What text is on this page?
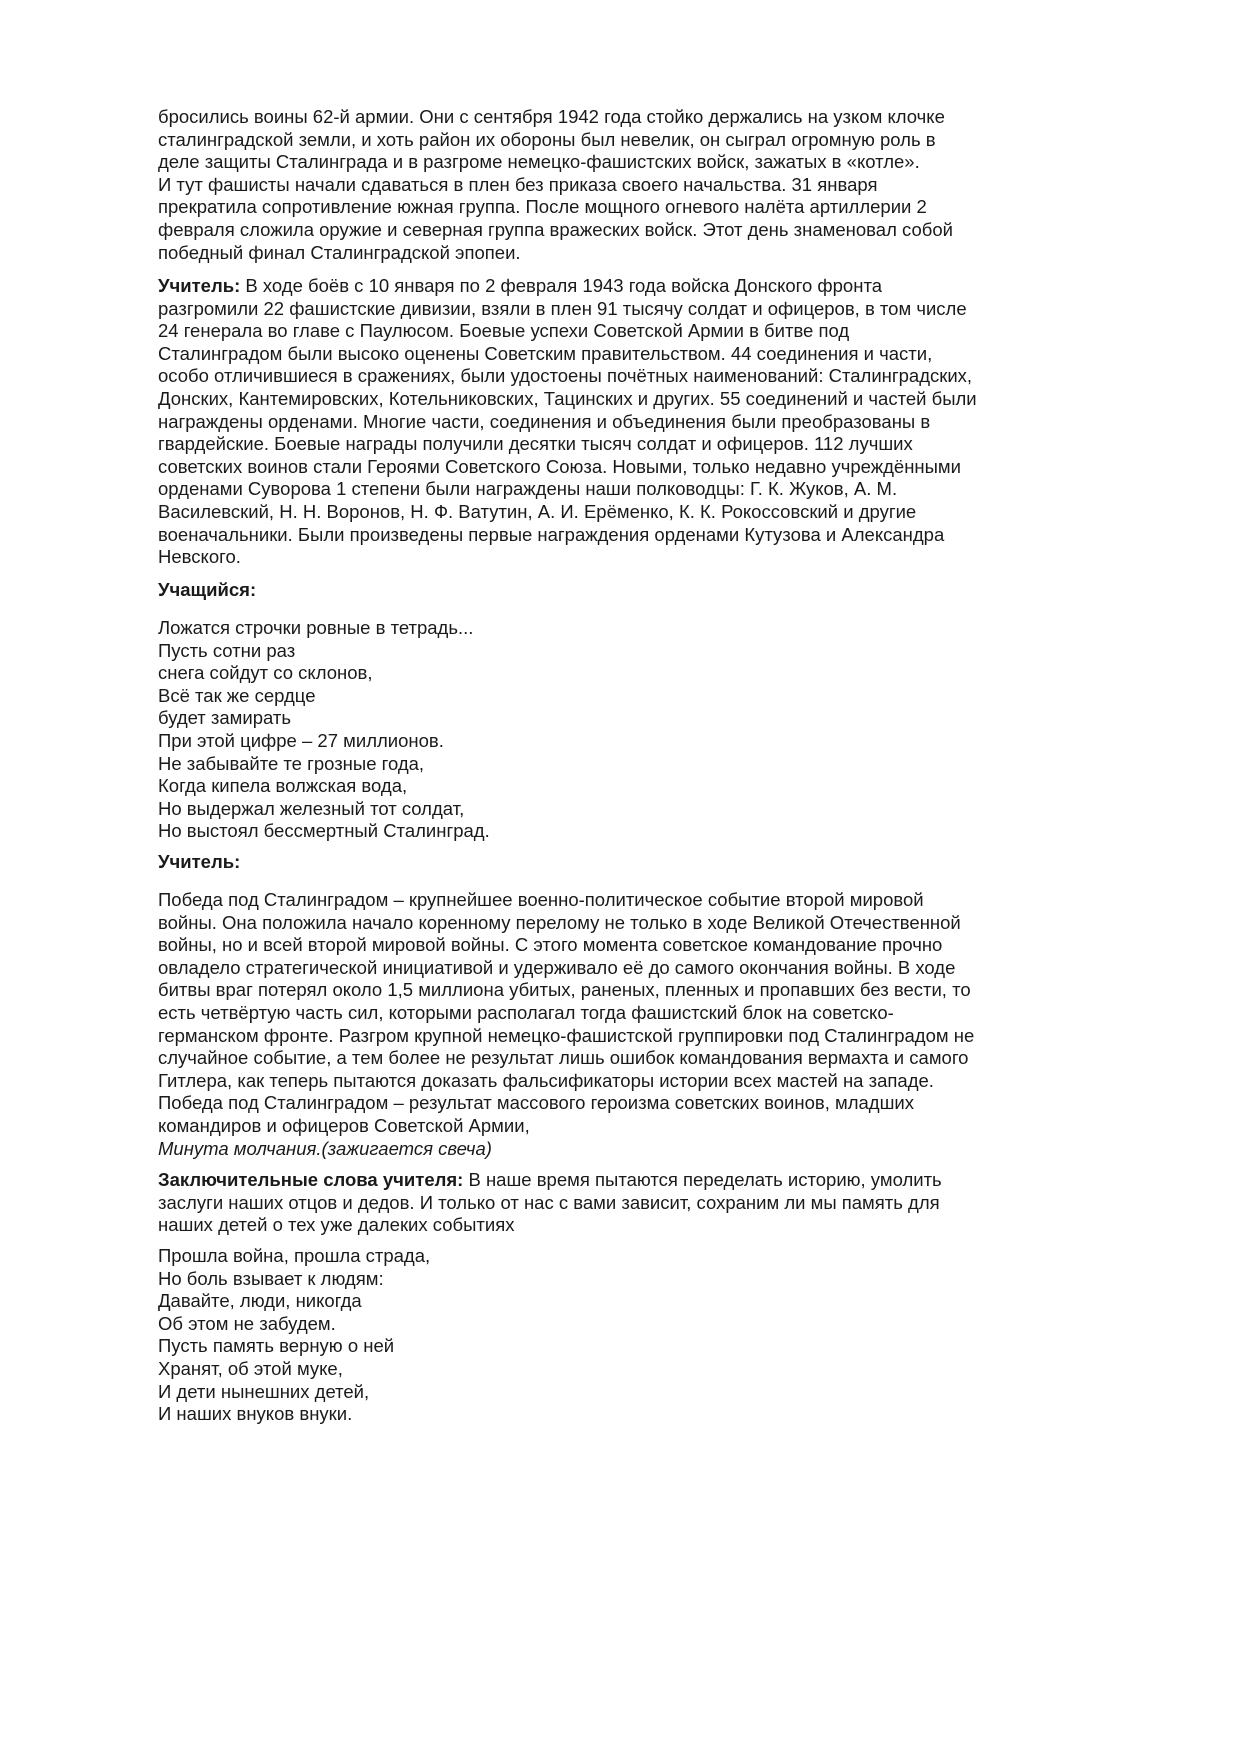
бросились воины 62-й армии. Они с сентября 1942 года стойко держались на узком клочке
сталинградской земли, и хоть район их обороны был невелик, он сыграл огромную роль в
деле защиты Сталинграда и в разгроме немецко-фашистских войск, зажатых в «котле».
И тут фашисты начали сдаваться в плен без приказа своего начальства. 31 января
прекратила сопротивление южная группа. После мощного огневого налёта артиллерии 2
февраля сложила оружие и северная группа вражеских войск. Этот день знаменовал собой
победный финал Сталинградской эпопеи.

Учитель: В ходе боёв с 10 января по 2 февраля 1943 года войска Донского фронта
разгромили 22 фашистские дивизии, взяли в плен 91 тысячу солдат и офицеров, в том числе
24 генерала во главе с Паулюсом. Боевые успехи Советской Армии в битве под
Сталинградом были высоко оценены Советским правительством. 44 соединения и части,
особо отличившиеся в сражениях, были удостоены почётных наименований: Сталинградских,
Донских, Кантемировских, Котельниковских, Тацинских и других. 55 соединений и частей были
награждены орденами. Многие части, соединения и объединения были преобразованы в
гвардейские. Боевые награды получили десятки тысяч солдат и офицеров. 112 лучших
советских воинов стали Героями Советского Союза. Новыми, только недавно учреждёнными
орденами Суворова 1 степени были награждены наши полководцы: Г. К. Жуков, А. М.
Василевский, Н. Н. Воронов, Н. Ф. Ватутин, А. И. Ерёменко, К. К. Рокоссовский и другие
военачальники. Были произведены первые награждения орденами Кутузова и Александра
Невского.

Учащийся:

Ложатся строчки ровные в тетрадь...
Пусть сотни раз
снега сойдут со склонов,
Всё так же сердце
будет замирать
При этой цифре – 27 миллионов.
Не забывайте те грозные года,
Когда кипела волжская вода,
Но выдержал железный тот солдат,
Но выстоял бессмертный Сталинград.

Учитель:

Победа под Сталинградом – крупнейшее военно-политическое событие второй мировой
войны. Она положила начало коренному перелому не только в ходе Великой Отечественной
войны, но и всей второй мировой войны. С этого момента советское командование прочно
овладело стратегической инициативой и удерживало её до самого окончания войны. В ходе
битвы враг потерял около 1,5 миллиона убитых, раненых, пленных и пропавших без вести, то
есть четвёртую часть сил, которыми располагал тогда фашистский блок на советско-
германском фронте. Разгром крупной немецко-фашистской группировки под Сталинградом не
случайное событие, а тем более не результат лишь ошибок командования вермахта и самого
Гитлера, как теперь пытаются доказать фальсификаторы истории всех мастей на западе.
Победа под Сталинградом – результат массового героизма советских воинов, младших
командиров и офицеров Советской Армии,
Минута молчания.(зажигается свеча)

Заключительные слова учителя: В наше время пытаются переделать историю, умолить
заслуги наших отцов и дедов. И только от нас с вами зависит, сохраним ли мы память для
наших детей о тех уже далеких событиях

Прошла война, прошла страда,
Но боль взывает к людям:
Давайте, люди, никогда
Об этом не забудем.
Пусть память верную о ней
Хранят, об этой муке,
И дети нынешних детей,
И наших внуков внуки.
